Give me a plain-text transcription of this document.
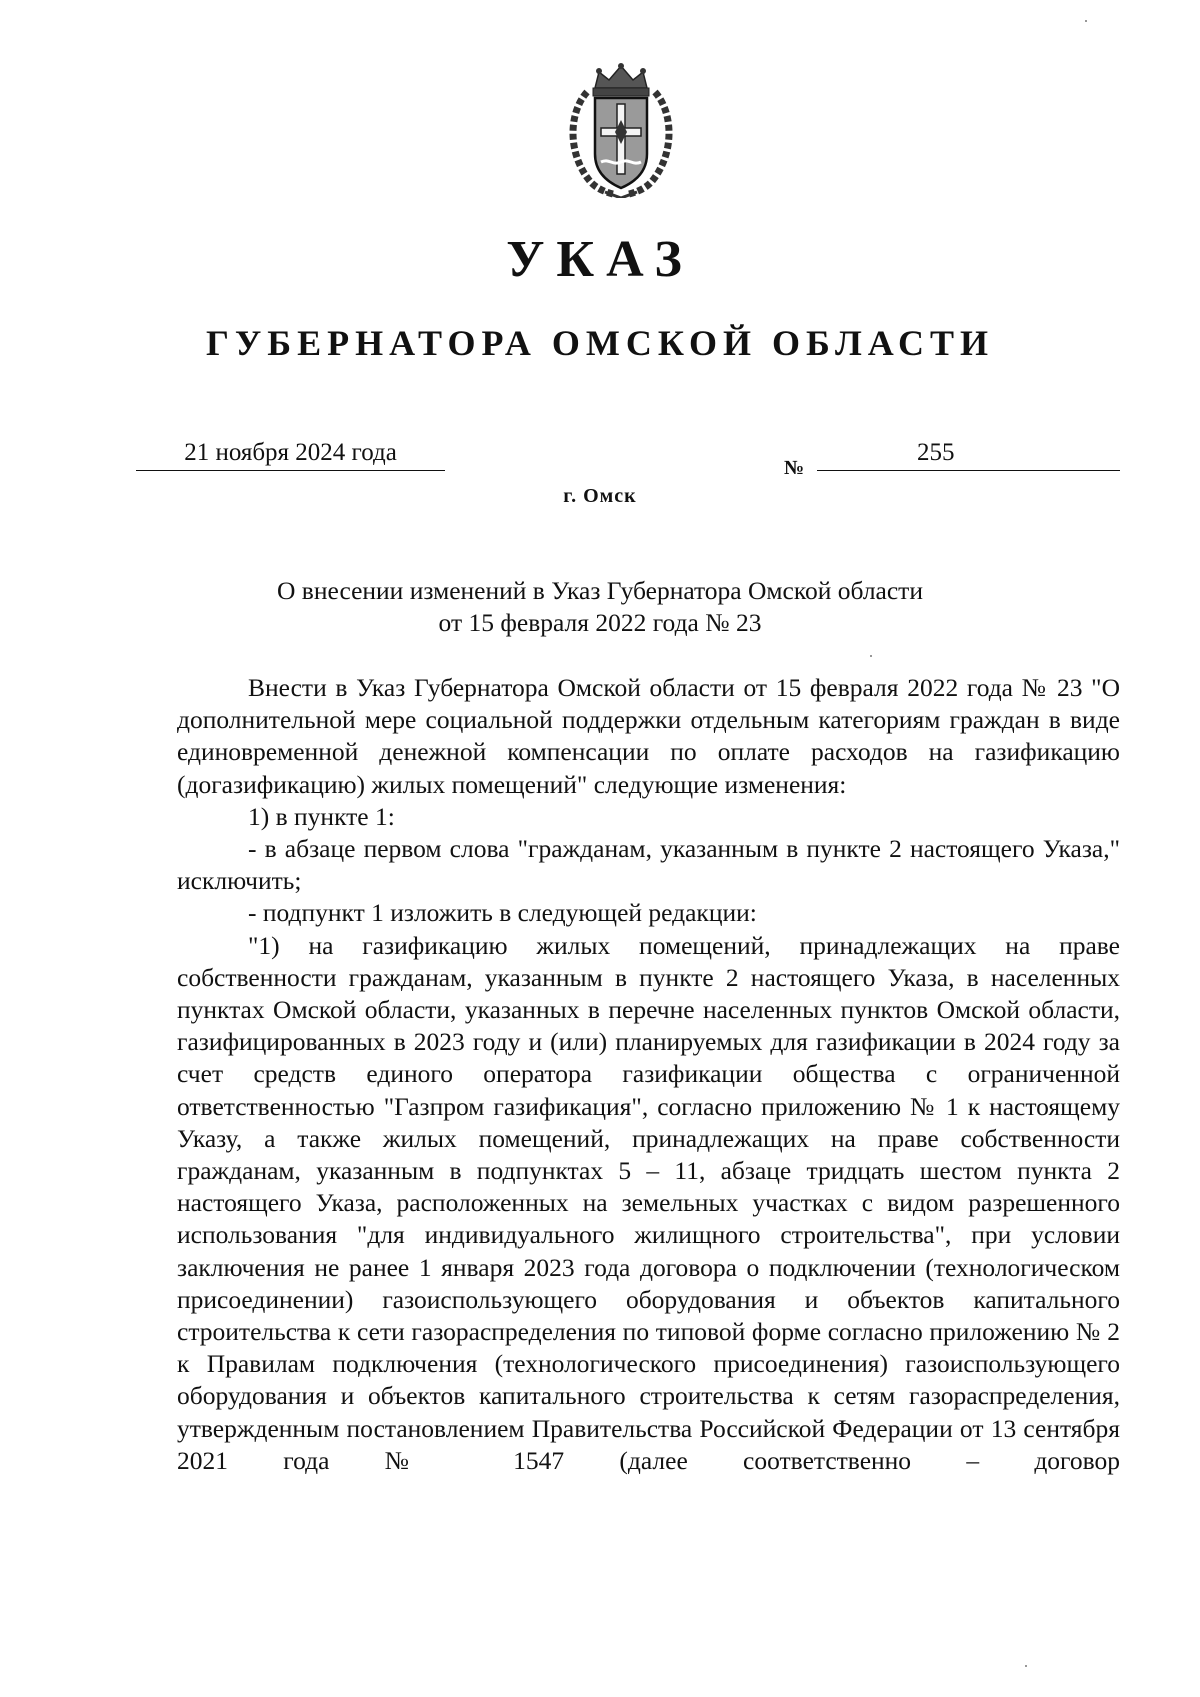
УКАЗ
ГУБЕРНАТОРА ОМСКОЙ ОБЛАСТИ
21 ноября 2024 года
№
255
г. Омск
О внесении изменений в Указ Губернатора Омской области
от 15 февраля 2022 года № 23

Внести в Указ Губернатора Омской области от 15 февраля 2022 года № 23 "О дополнительной мере социальной поддержки отдельным категориям граждан в виде единовременной денежной компенсации по оплате расходов на газификацию (догазификацию) жилых помещений" следующие изменения:

1) в пункте 1:

- в абзаце первом слова "гражданам, указанным в пункте 2 настоящего Указа," исключить;

- подпункт 1 изложить в следующей редакции:

"1) на газификацию жилых помещений, принадлежащих на праве собственности гражданам, указанным в пункте 2 настоящего Указа, в населенных пунктах Омской области, указанных в перечне населенных пунктов Омской области, газифицированных в 2023 году и (или) планируемых для газификации в 2024 году за счет средств единого оператора газификации общества с ограниченной ответственностью "Газпром газификация", согласно приложению № 1 к настоящему Указу, а также жилых помещений, принадлежащих на праве собственности гражданам, указанным в подпунктах 5 – 11, абзаце тридцать шестом пункта 2 настоящего Указа, расположенных на земельных участках с видом разрешенного использования "для индивидуального жилищного строительства", при условии заключения не ранее 1 января 2023 года договора о подключении (технологическом присоединении) газоиспользующего оборудования и объектов капитального строительства к сети газораспределения по типовой форме согласно приложению № 2 к Правилам подключения (технологического присоединения) газоиспользующего оборудования и объектов капитального строительства к сетям газораспределения, утвержденным постановлением Правительства Российской Федерации от 13 сентября 2021 года № 1547 (далее соответственно – договор
